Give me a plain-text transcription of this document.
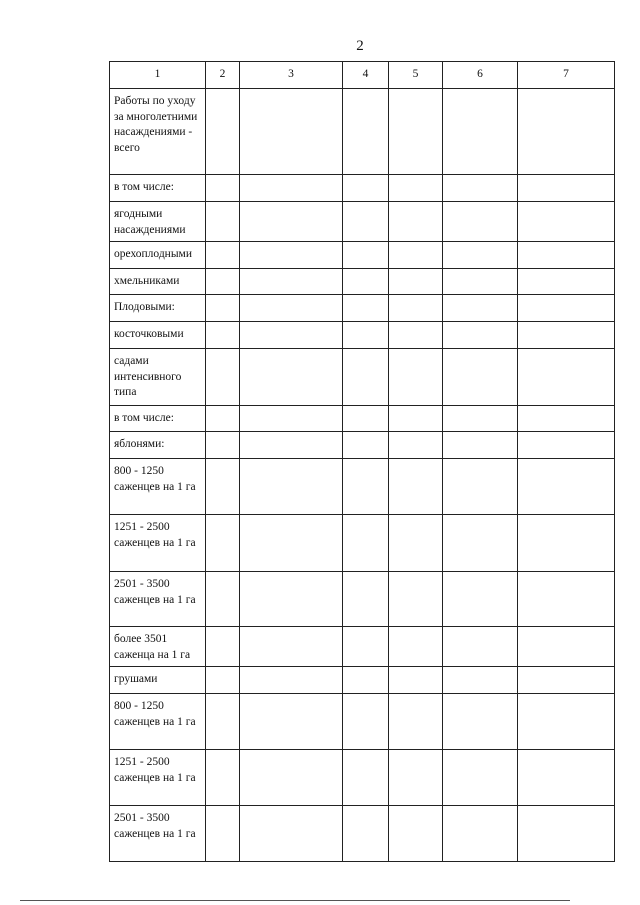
2
1	2	3	4	5	6	7
Работы по уходу за многолетними насаждениями - всего						
в том числе:						
ягодными насаждениями						
орехоплодными						
хмельниками						
Плодовыми:						
косточковыми						
садами интенсивного типа						
в том числе:						
яблонями:						
800 - 1250 саженцев на 1 га						
1251 - 2500 саженцев на 1 га						
2501 - 3500 саженцев на 1 га						
более 3501 саженца на 1 га						
грушами						
800 - 1250 саженцев на 1 га						
1251 - 2500 саженцев на 1 га						
2501 - 3500 саженцев на 1 га						
